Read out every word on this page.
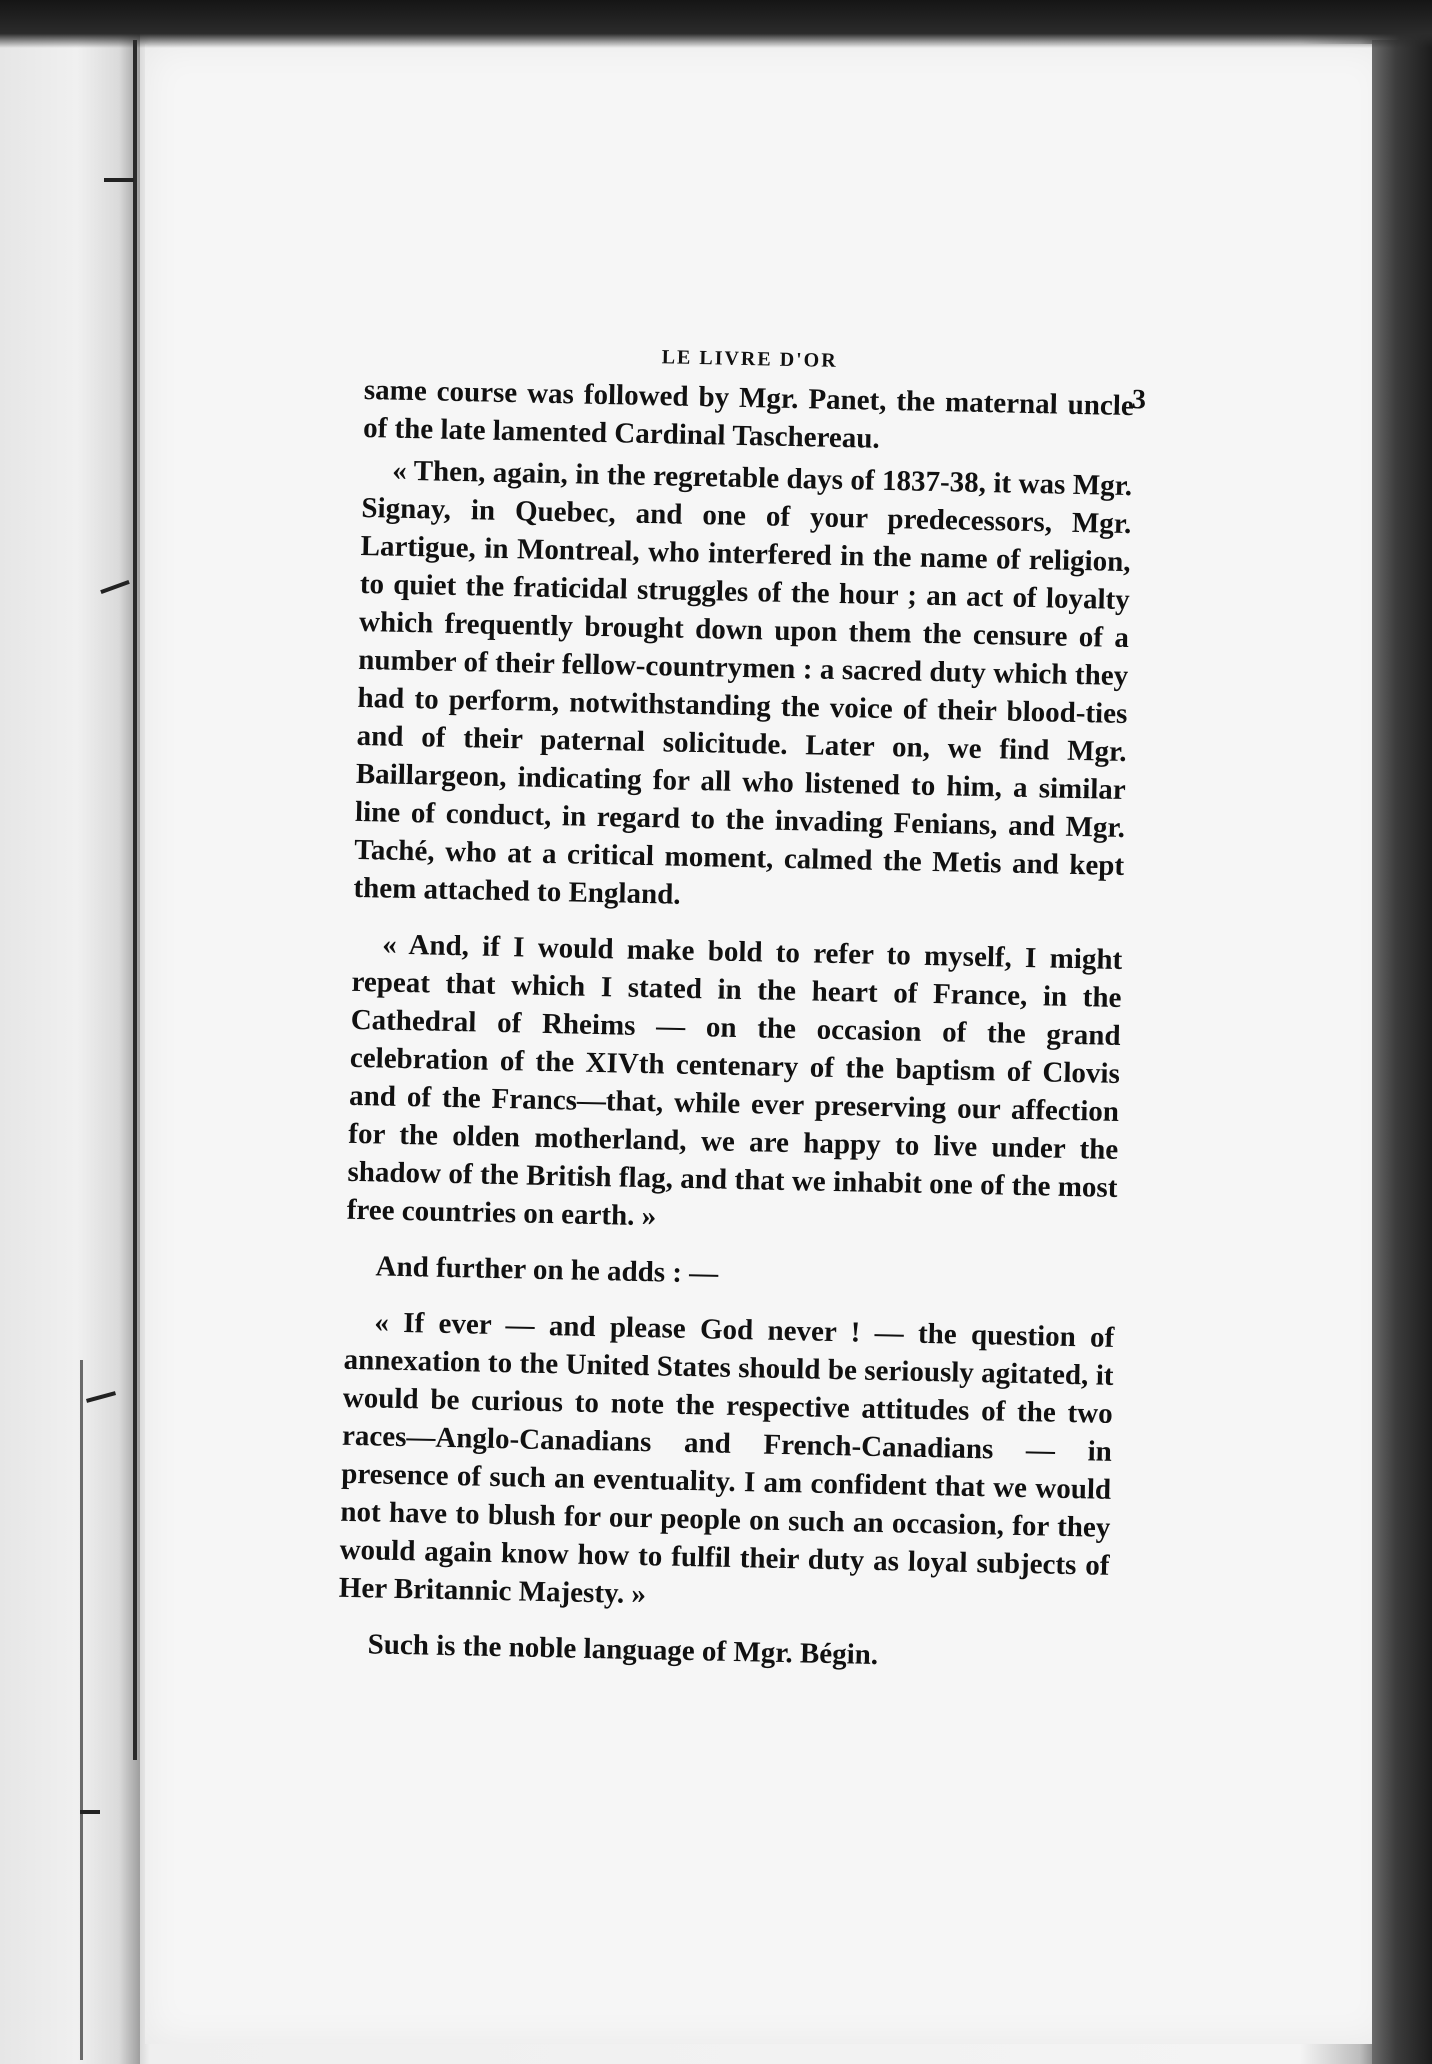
LE LIVRE D'OR
3

same course was followed by Mgr. Panet, the maternal uncle of the late lamented Cardinal Taschereau.

« Then, again, in the regretable days of 1837-38, it was Mgr. Signay, in Quebec, and one of your predecessors, Mgr. Lartigue, in Montreal, who interfered in the name of religion, to quiet the fraticidal struggles of the hour ; an act of loyalty which frequently brought down upon them the censure of a number of their fellow-countrymen : a sacred duty which they had to perform, notwithstanding the voice of their blood-ties and of their paternal solicitude. Later on, we find Mgr. Baillargeon, indicating for all who listened to him, a similar line of conduct, in regard to the invading Fenians, and Mgr. Taché, who at a critical moment, calmed the Metis and kept them attached to England.

« And, if I would make bold to refer to myself, I might repeat that which I stated in the heart of France, in the Cathedral of Rheims — on the occasion of the grand celebration of the XIVth centenary of the baptism of Clovis and of the Francs—that, while ever preserving our affection for the olden motherland, we are happy to live under the shadow of the British flag, and that we inhabit one of the most free countries on earth. »

And further on he adds : —

« If ever — and please God never ! — the question of annexation to the United States should be seriously agitated, it would be curious to note the respective attitudes of the two races—Anglo-Canadians and French-Canadians — in presence of such an eventuality. I am confident that we would not have to blush for our people on such an occasion, for they would again know how to fulfil their duty as loyal subjects of Her Britannic Majesty. »

Such is the noble language of Mgr. Bégin.
